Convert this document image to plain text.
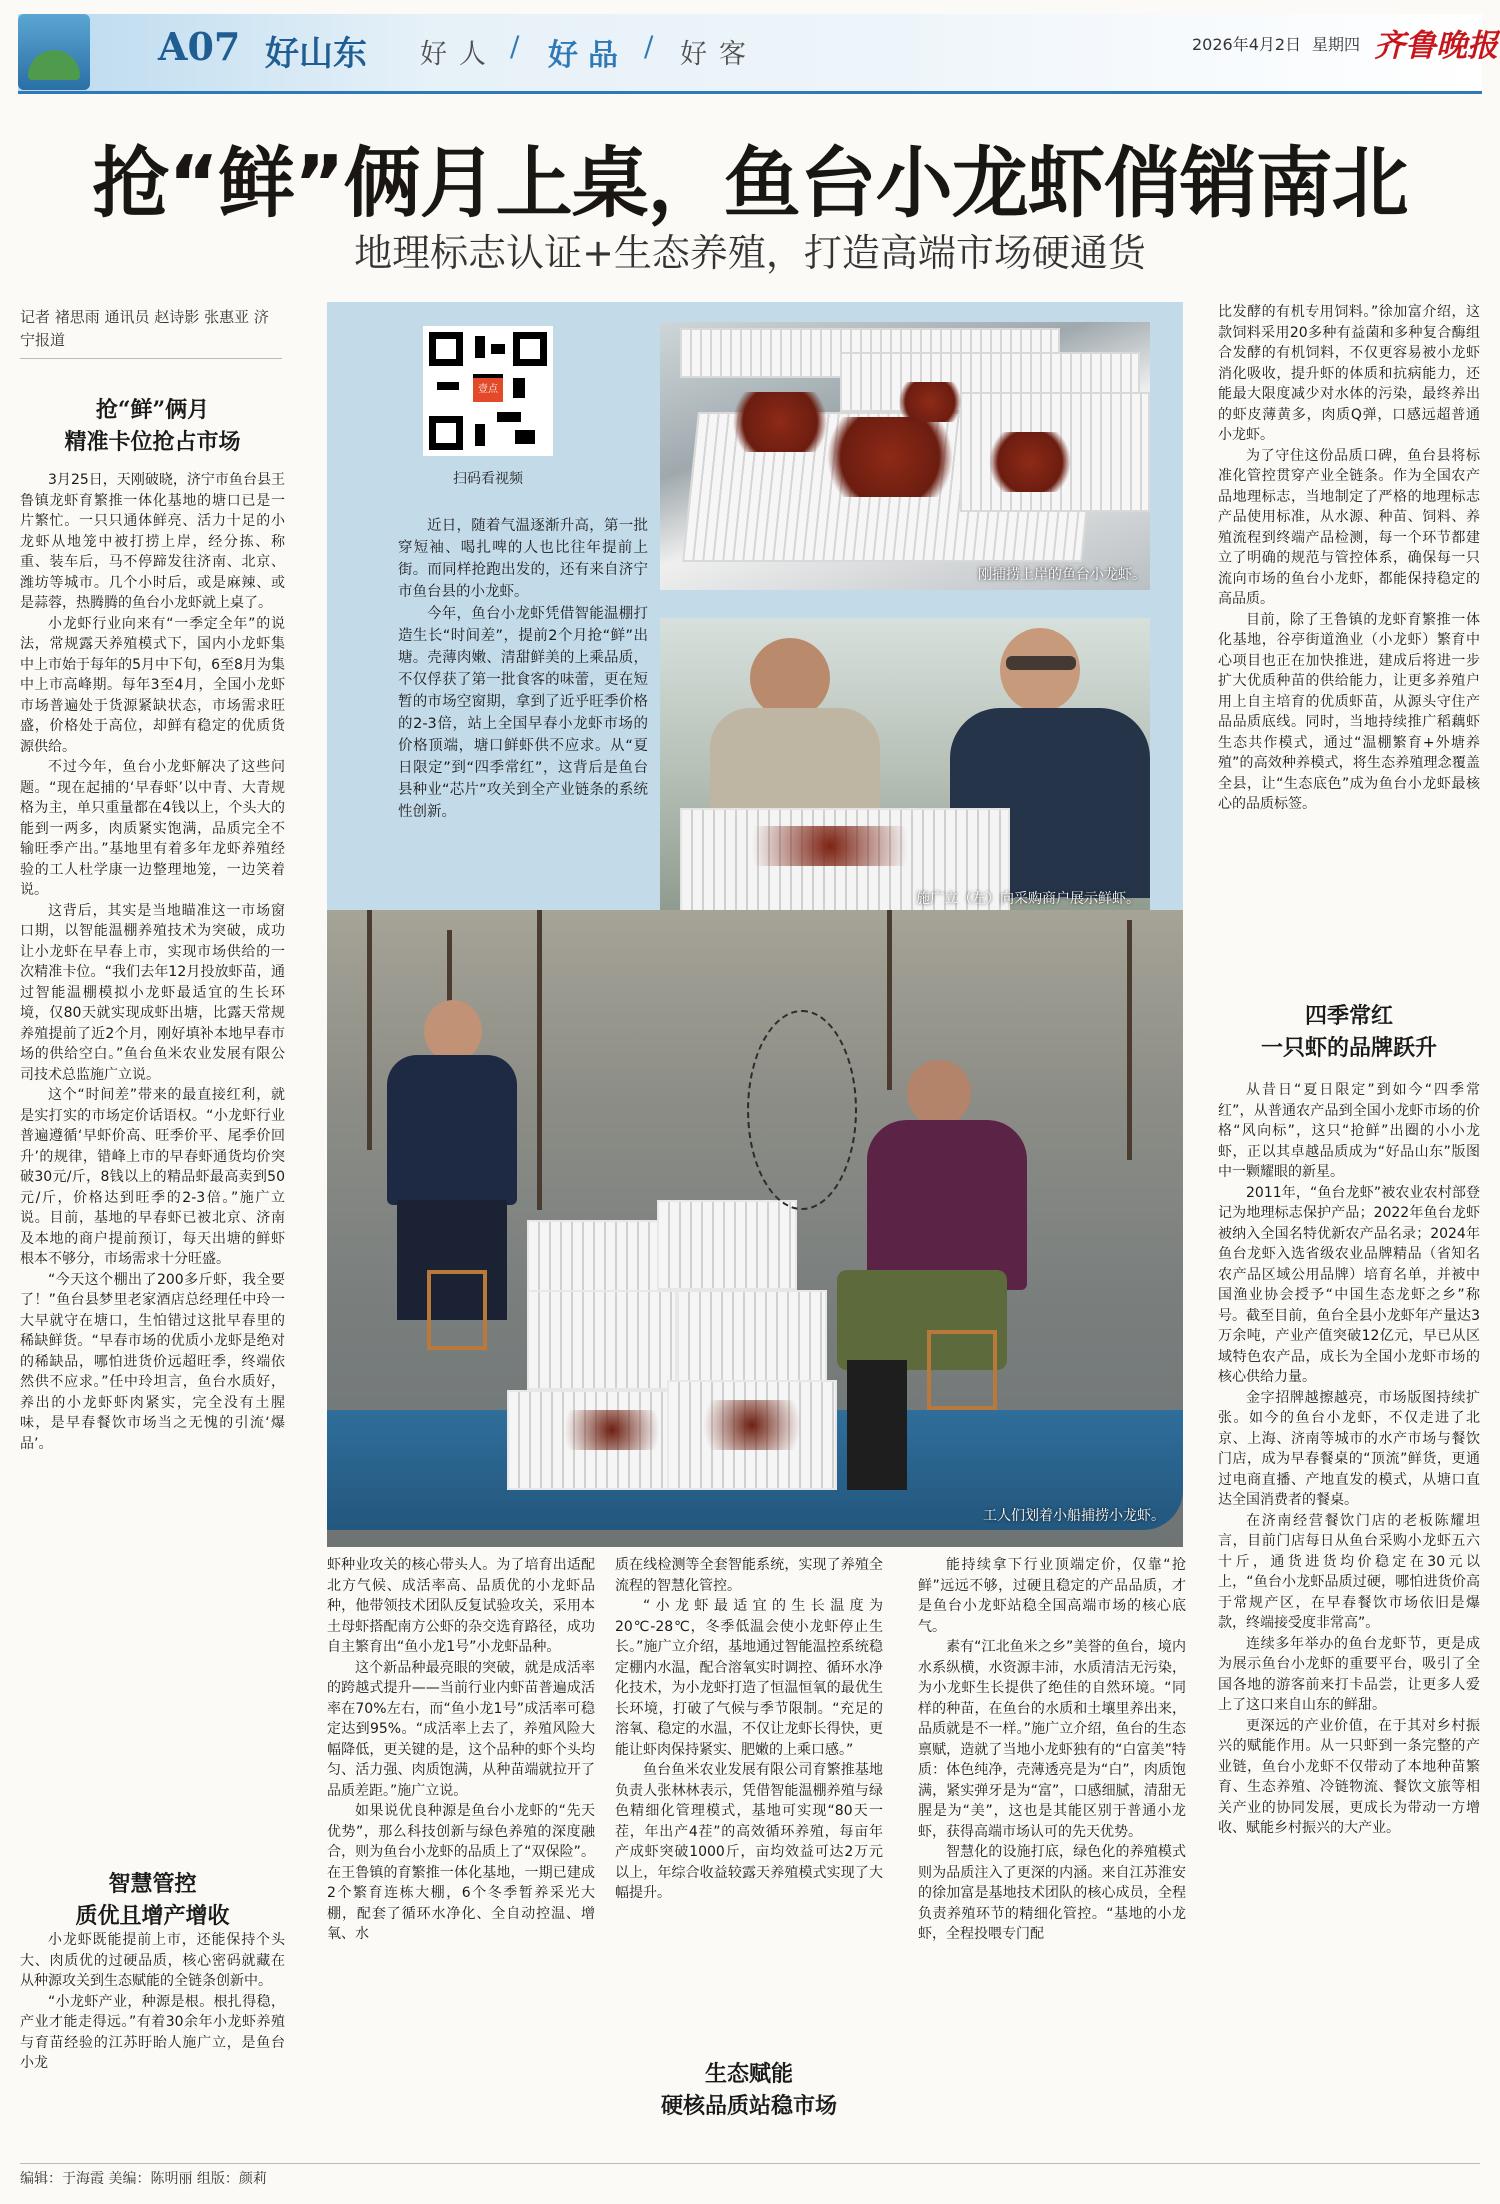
A07 好山东 好人 / 好品 / 好客	2026年4月2日 星期四 齐鲁晚报
抢“鲜”俩月上桌，鱼台小龙虾俏销南北
地理标志认证+生态养殖，打造高端市场硬通货
记者 褚思雨 通讯员 赵诗影 张惠亚 济宁报道
抢“鲜”俩月
精准卡位抢占市场

3月25日，天刚破晓，济宁市鱼台县王鲁镇龙虾育繁推一体化基地的塘口已是一片繁忙。一只只通体鲜亮、活力十足的小龙虾从地笼中被打捞上岸，经分拣、称重、装车后，马不停蹄发往济南、北京、潍坊等城市。几个小时后，或是麻辣、或是蒜蓉，热腾腾的鱼台小龙虾就上桌了。

小龙虾行业向来有“一季定全年”的说法，常规露天养殖模式下，国内小龙虾集中上市始于每年的5月中下旬，6至8月为集中上市高峰期。每年3至4月，全国小龙虾市场普遍处于货源紧缺状态，市场需求旺盛，价格处于高位，却鲜有稳定的优质货源供给。

不过今年，鱼台小龙虾解决了这些问题。“现在起捕的‘早春虾’以中青、大青规格为主，单只重量都在4钱以上，个头大的能到一两多，肉质紧实饱满，品质完全不输旺季产出。”基地里有着多年龙虾养殖经验的工人杜学康一边整理地笼，一边笑着说。

这背后，其实是当地瞄准这一市场窗口期，以智能温棚养殖技术为突破，成功让小龙虾在早春上市，实现市场供给的一次精准卡位。“我们去年12月投放虾苗，通过智能温棚模拟小龙虾最适宜的生长环境，仅80天就实现成虾出塘，比露天常规养殖提前了近2个月，刚好填补本地早春市场的供给空白。”鱼台鱼米农业发展有限公司技术总监施广立说。

这个“时间差”带来的最直接红利，就是实打实的市场定价话语权。“小龙虾行业普遍遵循‘早虾价高、旺季价平、尾季价回升’的规律，错峰上市的早春虾通货均价突破30元/斤，8钱以上的精品虾最高卖到50元/斤，价格达到旺季的2-3倍。”施广立说。目前，基地的早春虾已被北京、济南及本地的商户提前预订，每天出塘的鲜虾根本不够分，市场需求十分旺盛。

“今天这个棚出了200多斤虾，我全要了！”鱼台县梦里老家酒店总经理任中玲一大早就守在塘口，生怕错过这批早春里的稀缺鲜货。“早春市场的优质小龙虾是绝对的稀缺品，哪怕进货价远超旺季，终端依然供不应求。”任中玲坦言，鱼台水质好，养出的小龙虾虾肉紧实，完全没有土腥味，是早春餐饮市场当之无愧的引流‘爆品’。

智慧管控
质优且增产增收

小龙虾既能提前上市，还能保持个头大、肉质优的过硬品质，核心密码就藏在从种源攻关到生态赋能的全链条创新中。

“小龙虾产业，种源是根。根扎得稳，产业才能走得远。”有着30余年小龙虾养殖与育苗经验的江苏盱眙人施广立，是鱼台小龙

壹点
扫码看视频

近日，随着气温逐渐升高，第一批穿短袖、喝扎啤的人也比往年提前上街。而同样抢跑出发的，还有来自济宁市鱼台县的小龙虾。

今年，鱼台小龙虾凭借智能温棚打造生长“时间差”，提前2个月抢“鲜”出塘。壳薄肉嫩、清甜鲜美的上乘品质，不仅俘获了第一批食客的味蕾，更在短暂的市场空窗期，拿到了近乎旺季价格的2-3倍，站上全国早春小龙虾市场的价格顶端，塘口鲜虾供不应求。从“夏日限定”到“四季常红”，这背后是鱼台县种业“芯片”攻关到全产业链条的系统性创新。

刚捕捞上岸的鱼台小龙虾。
施广立（左）向采购商户展示鲜虾。
工人们划着小船捕捞小龙虾。

虾种业攻关的核心带头人。为了培育出适配北方气候、成活率高、品质优的小龙虾品种，他带领技术团队反复试验攻关，采用本土母虾搭配南方公虾的杂交选育路径，成功自主繁育出“鱼小龙1号”小龙虾品种。

这个新品种最亮眼的突破，就是成活率的跨越式提升——当前行业内虾苗普遍成活率在70%左右，而“鱼小龙1号”成活率可稳定达到95%。“成活率上去了，养殖风险大幅降低，更关键的是，这个品种的虾个头均匀、活力强、肉质饱满，从种苗端就拉开了品质差距。”施广立说。

如果说优良种源是鱼台小龙虾的“先天优势”，那么科技创新与绿色养殖的深度融合，则为鱼台小龙虾的品质上了“双保险”。在王鲁镇的育繁推一体化基地，一期已建成2个繁育连栋大棚，6个冬季暂养采光大棚，配套了循环水净化、全自动控温、增氧、水

质在线检测等全套智能系统，实现了养殖全流程的智慧化管控。

“小龙虾最适宜的生长温度为20℃-28℃，冬季低温会使小龙虾停止生长。”施广立介绍，基地通过智能温控系统稳定棚内水温，配合溶氧实时调控、循环水净化技术，为小龙虾打造了恒温恒氧的最优生长环境，打破了气候与季节限制。“充足的溶氧、稳定的水温，不仅让龙虾长得快，更能让虾肉保持紧实、肥嫩的上乘口感。”

鱼台鱼米农业发展有限公司育繁推基地负责人张林林表示，凭借智能温棚养殖与绿色精细化管理模式，基地可实现“80天一茬，年出产4茬”的高效循环养殖，每亩年产成虾突破1000斤，亩均效益可达2万元以上，年综合收益较露天养殖模式实现了大幅提升。

生态赋能
硬核品质站稳市场

能持续拿下行业顶端定价，仅靠“抢鲜”远远不够，过硬且稳定的产品品质，才是鱼台小龙虾站稳全国高端市场的核心底气。

素有“江北鱼米之乡”美誉的鱼台，境内水系纵横，水资源丰沛，水质清洁无污染，为小龙虾生长提供了绝佳的自然环境。“同样的种苗，在鱼台的水质和土壤里养出来，品质就是不一样。”施广立介绍，鱼台的生态禀赋，造就了当地小龙虾独有的“白富美”特质：体色纯净，壳薄透亮是为“白”，肉质饱满，紧实弹牙是为“富”，口感细腻，清甜无腥是为“美”，这也是其能区别于普通小龙虾，获得高端市场认可的先天优势。

智慧化的设施打底，绿色化的养殖模式则为品质注入了更深的内涵。来自江苏淮安的徐加富是基地技术团队的核心成员，全程负责养殖环节的精细化管控。“基地的小龙虾，全程投喂专门配

比发酵的有机专用饲料。”徐加富介绍，这款饲料采用20多种有益菌和多种复合酶组合发酵的有机饲料，不仅更容易被小龙虾消化吸收，提升虾的体质和抗病能力，还能最大限度减少对水体的污染，最终养出的虾皮薄黄多，肉质Q弹，口感远超普通小龙虾。

为了守住这份品质口碑，鱼台县将标准化管控贯穿产业全链条。作为全国农产品地理标志，当地制定了严格的地理标志产品使用标准，从水源、种苗、饲料、养殖流程到终端产品检测，每一个环节都建立了明确的规范与管控体系，确保每一只流向市场的鱼台小龙虾，都能保持稳定的高品质。

目前，除了王鲁镇的龙虾育繁推一体化基地，谷亭街道渔业（小龙虾）繁育中心项目也正在加快推进，建成后将进一步扩大优质种苗的供给能力，让更多养殖户用上自主培育的优质虾苗，从源头守住产品品质底线。同时，当地持续推广稻藕虾生态共作模式，通过“温棚繁育+外塘养殖”的高效种养模式，将生态养殖理念覆盖全县，让“生态底色”成为鱼台小龙虾最核心的品质标签。

四季常红
一只虾的品牌跃升

从昔日“夏日限定”到如今“四季常红”，从普通农产品到全国小龙虾市场的价格“风向标”，这只“抢鲜”出圈的小小龙虾，正以其卓越品质成为“好品山东”版图中一颗耀眼的新星。

2011年，“鱼台龙虾”被农业农村部登记为地理标志保护产品；2022年鱼台龙虾被纳入全国名特优新农产品名录；2024年鱼台龙虾入选省级农业品牌精品（省知名农产品区域公用品牌）培育名单，并被中国渔业协会授予“中国生态龙虾之乡”称号。截至目前，鱼台全县小龙虾年产量达3万余吨，产业产值突破12亿元，早已从区域特色农产品，成长为全国小龙虾市场的核心供给力量。

金字招牌越擦越亮，市场版图持续扩张。如今的鱼台小龙虾，不仅走进了北京、上海、济南等城市的水产市场与餐饮门店，成为早春餐桌的“顶流”鲜货，更通过电商直播、产地直发的模式，从塘口直达全国消费者的餐桌。

在济南经营餐饮门店的老板陈耀坦言，目前门店每日从鱼台采购小龙虾五六十斤，通货进货均价稳定在30元以上，“鱼台小龙虾品质过硬，哪怕进货价高于常规产区，在早春餐饮市场依旧是爆款，终端接受度非常高”。

连续多年举办的鱼台龙虾节，更是成为展示鱼台小龙虾的重要平台，吸引了全国各地的游客前来打卡品尝，让更多人爱上了这口来自山东的鲜甜。

更深远的产业价值，在于其对乡村振兴的赋能作用。从一只虾到一条完整的产业链，鱼台小龙虾不仅带动了本地种苗繁育、生态养殖、冷链物流、餐饮文旅等相关产业的协同发展，更成长为带动一方增收、赋能乡村振兴的大产业。

编辑：于海霞 美编：陈明丽 组版：颜莉
